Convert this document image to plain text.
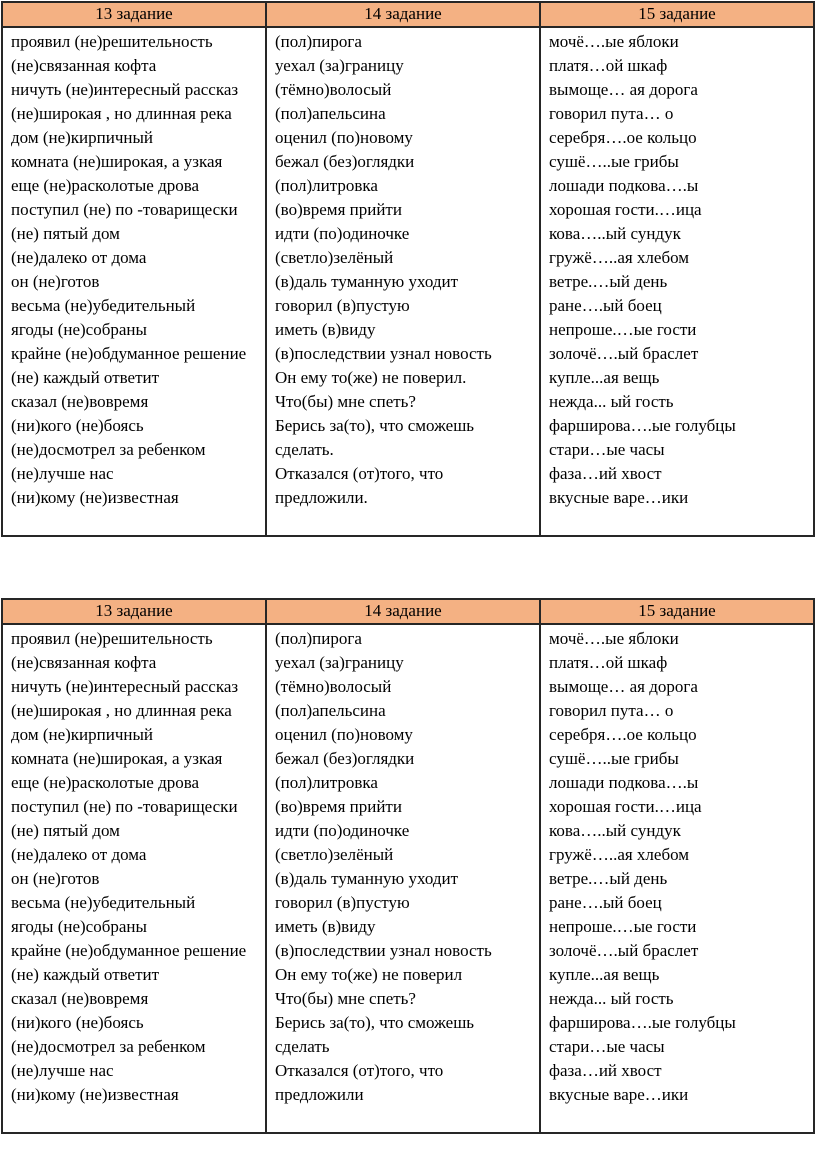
13 задание	14 задание	15 задание

проявил (не)решительность
(не)связанная кофта
ничуть (не)интересный рассказ
(не)широкая , но длинная река
дом (не)кирпичный
комната (не)широкая, а узкая
еще (не)расколотые дрова
поступил (не) по -товарищески
(не) пятый дом
(не)далеко от дома
он (не)готов
весьма (не)убедительный
ягоды (не)собраны
крайне (не)обдуманное решение
(не) каждый ответит
сказал (не)вовремя
(ни)кого (не)боясь
(не)досмотрел за ребенком
(не)лучше нас
(ни)кому (не)известная

(пол)пирога
уехал (за)границу
(тёмно)волосый
(пол)апельсина
оценил (по)новому
бежал (без)оглядки
(пол)литровка
(во)время прийти
идти (по)одиночке
(светло)зелёный
(в)даль туманную уходит
говорил (в)пустую
иметь (в)виду
(в)последствии узнал новость
Он ему то(же) не поверил.
Что(бы) мне спеть?
Берись за(то), что сможешь
сделать.
Отказался (от)того, что
предложили.

мочё….ые яблоки
платя…ой шкаф
вымоще… ая дорога
говорил пута… о
серебря….ое кольцо
сушё…..ые грибы
лошади подкова….ы
хорошая гости.…ица
кова…..ый сундук
гружё…..ая хлебом
ветре.…ый день
ране….ый боец
непроше.…ые гости
золочё….ый браслет
купле...ая вещь
нежда... ый гость
фарширова….ые голубцы
стари…ые часы
фаза…ий хвост
вкусные варе…ики
13 задание	14 задание	15 задание

проявил (не)решительность
(не)связанная кофта
ничуть (не)интересный рассказ
(не)широкая , но длинная река
дом (не)кирпичный
комната (не)широкая, а узкая
еще (не)расколотые дрова
поступил (не) по -товарищески
(не) пятый дом
(не)далеко от дома
он (не)готов
весьма (не)убедительный
ягоды (не)собраны
крайне (не)обдуманное решение
(не) каждый ответит
сказал (не)вовремя
(ни)кого (не)боясь
(не)досмотрел за ребенком
(не)лучше нас
(ни)кому (не)известная

(пол)пирога
уехал (за)границу
(тёмно)волосый
(пол)апельсина
оценил (по)новому
бежал (без)оглядки
(пол)литровка
(во)время прийти
идти (по)одиночке
(светло)зелёный
(в)даль туманную уходит
говорил (в)пустую
иметь (в)виду
(в)последствии узнал новость
Он ему то(же) не поверил
Что(бы) мне спеть?
Берись за(то), что сможешь
сделать
Отказался (от)того, что
предложили

мочё….ые яблоки
платя…ой шкаф
вымоще… ая дорога
говорил пута… о
серебря….ое кольцо
сушё…..ые грибы
лошади подкова….ы
хорошая гости.…ица
кова…..ый сундук
гружё…..ая хлебом
ветре.…ый день
ране….ый боец
непроше.…ые гости
золочё….ый браслет
купле...ая вещь
нежда... ый гость
фарширова….ые голубцы
стари…ые часы
фаза…ий хвост
вкусные варе…ики
